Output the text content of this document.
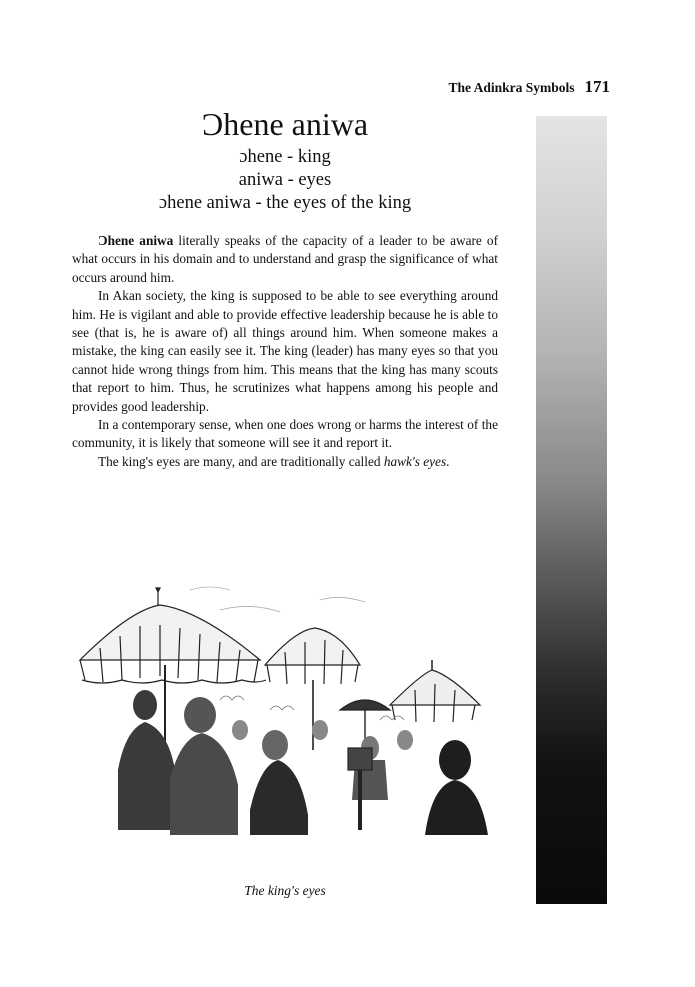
The Adinkra Symbols 171
Ɔhene aniwa
ɔhene - king
aniwa - eyes
ɔhene aniwa - the eyes of the king

Ɔhene aniwa literally speaks of the capacity of a leader to be aware of what occurs in his domain and to understand and grasp the significance of what occurs around him.

In Akan society, the king is supposed to be able to see everything around him. He is vigilant and able to provide effective leadership because he is able to see (that is, he is aware of) all things around him. When someone makes a mistake, the king can easily see it. The king (leader) has many eyes so that you cannot hide wrong things from him. This means that the king has many scouts that report to him. Thus, he scrutinizes what happens among his people and provides good leadership.

In a contemporary sense, when one does wrong or harms the interest of the community, it is likely that someone will see it and report it.

The king's eyes are many, and are traditionally called hawk's eyes.

The king's eyes
